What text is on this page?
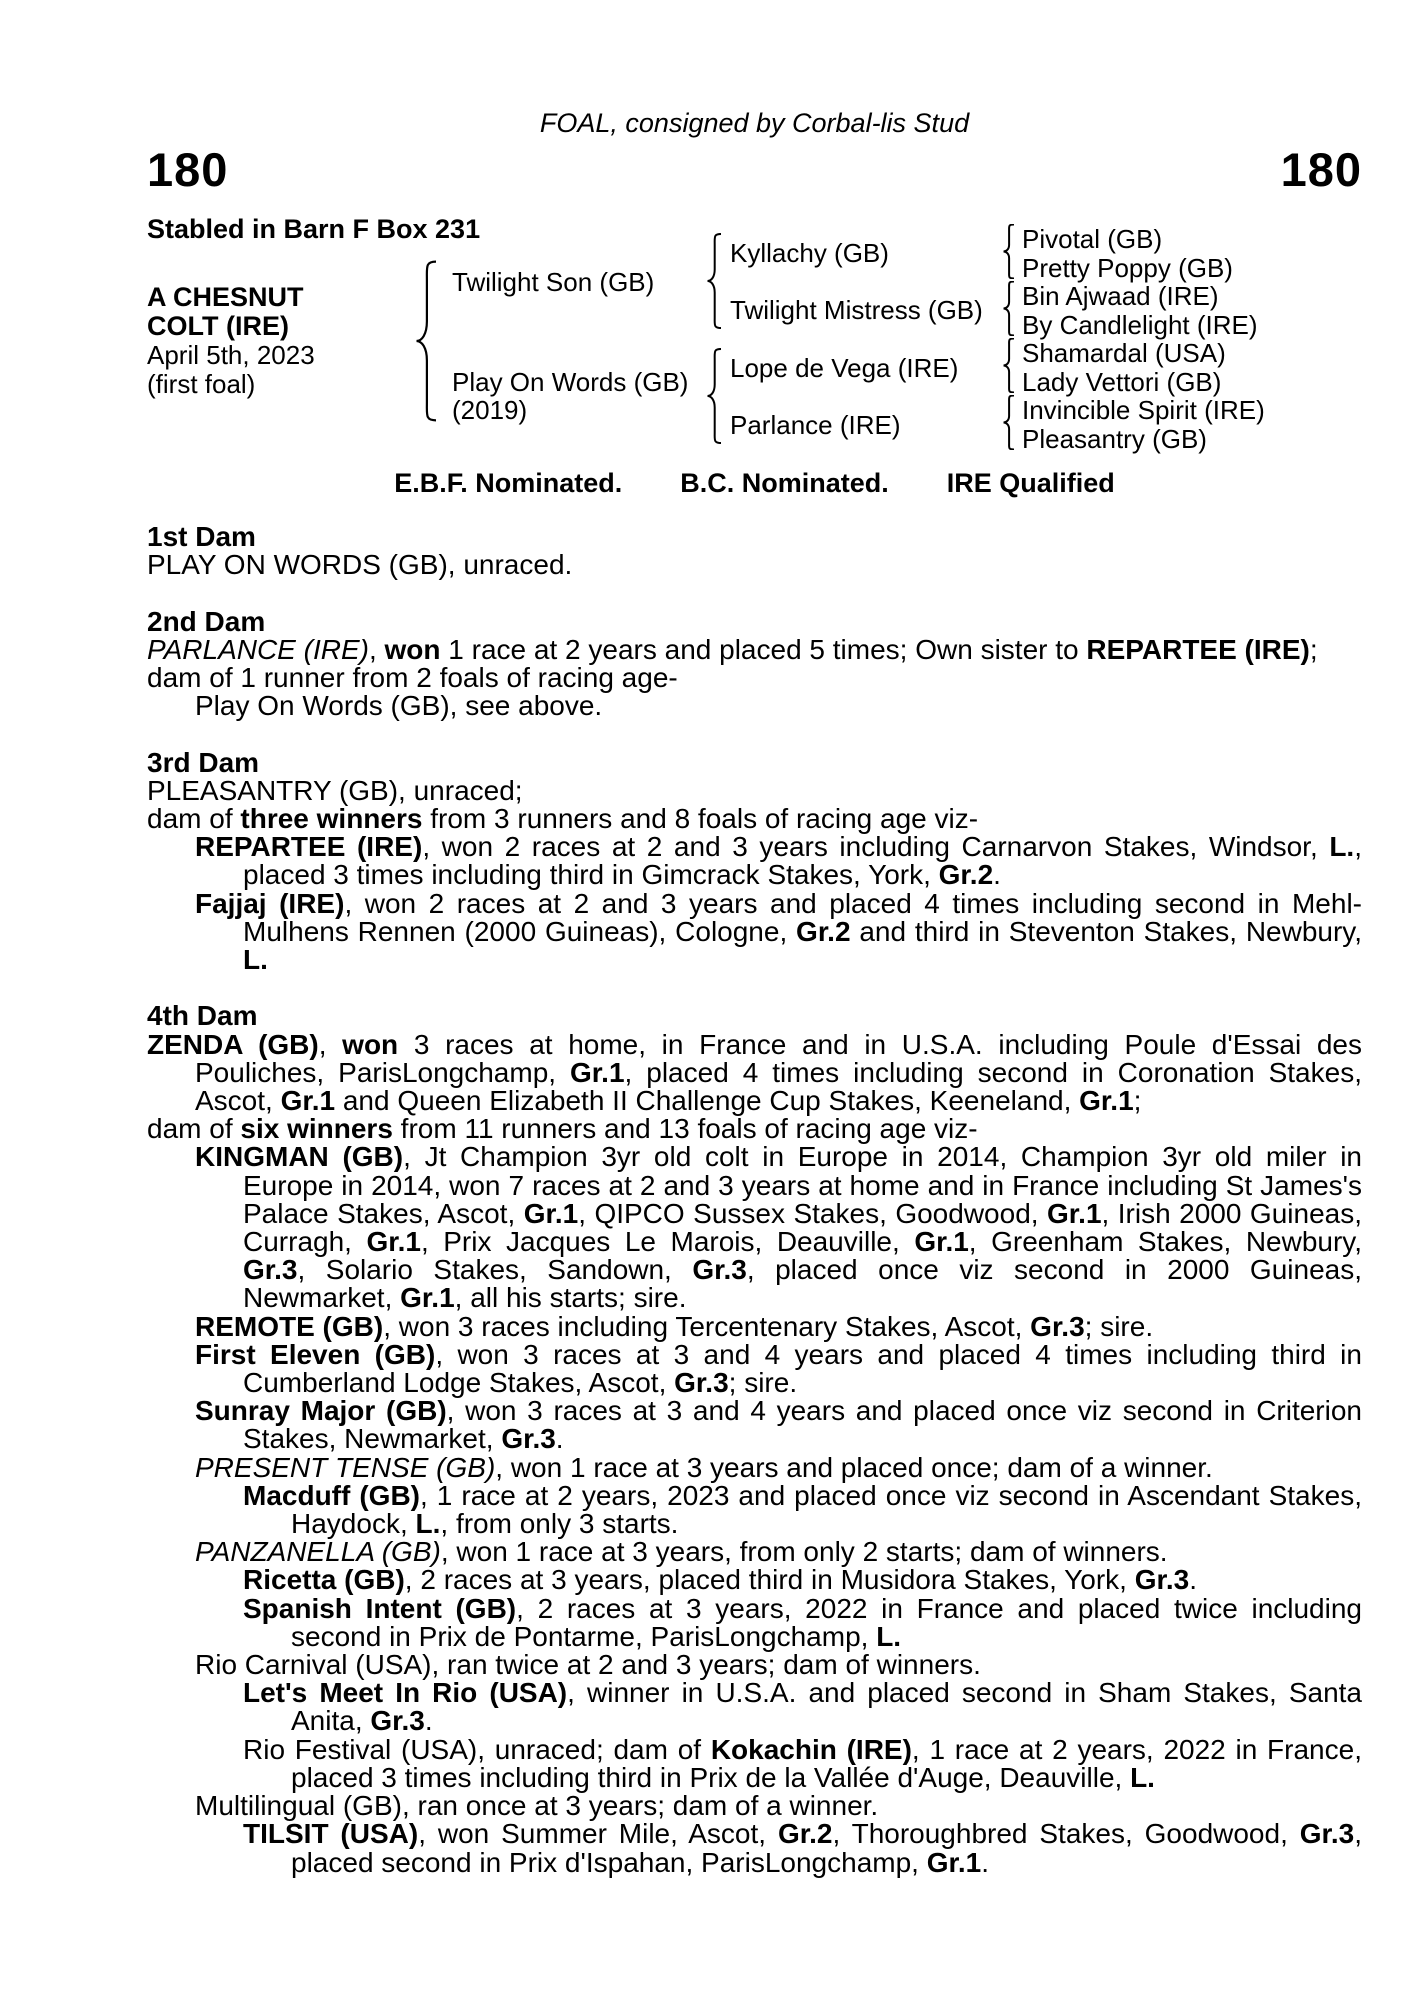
FOAL, consigned by Corbal-lis Stud
180	180
Stabled in Barn F Box 231
A CHESNUT
COLT (IRE)
April 5th, 2023
(first foal)
Twilight Son (GB)
Play On Words (GB)
(2019)
Kyllachy (GB)
Twilight Mistress (GB)
Lope de Vega (IRE)
Parlance (IRE)
Pivotal (GB)
Pretty Poppy (GB)
Bin Ajwaad (IRE)
By Candlelight (IRE)
Shamardal (USA)
Lady Vettori (GB)
Invincible Spirit (IRE)
Pleasantry (GB)
E.B.F. Nominated. B.C. Nominated. IRE Qualified
1st Dam
PLAY ON WORDS (GB), unraced.
2nd Dam
PARLANCE (IRE), won 1 race at 2 years and placed 5 times; Own sister to REPARTEE (IRE);
dam of 1 runner from 2 foals of racing age-
Play On Words (GB), see above.
3rd Dam
PLEASANTRY (GB), unraced;
dam of three winners from 3 runners and 8 foals of racing age viz-
REPARTEE (IRE), won 2 races at 2 and 3 years including Carnarvon Stakes, Windsor, L., placed 3 times including third in Gimcrack Stakes, York, Gr.2.
Fajjaj (IRE), won 2 races at 2 and 3 years and placed 4 times including second in Mehl-Mulhens Rennen (2000 Guineas), Cologne, Gr.2 and third in Steventon Stakes, Newbury, L.
4th Dam
ZENDA (GB), won 3 races at home, in France and in U.S.A. including Poule d'Essai des Pouliches, ParisLongchamp, Gr.1, placed 4 times including second in Coronation Stakes, Ascot, Gr.1 and Queen Elizabeth II Challenge Cup Stakes, Keeneland, Gr.1;
dam of six winners from 11 runners and 13 foals of racing age viz-
KINGMAN (GB), Jt Champion 3yr old colt in Europe in 2014, Champion 3yr old miler in Europe in 2014, won 7 races at 2 and 3 years at home and in France including St James's Palace Stakes, Ascot, Gr.1, QIPCO Sussex Stakes, Goodwood, Gr.1, Irish 2000 Guineas, Curragh, Gr.1, Prix Jacques Le Marois, Deauville, Gr.1, Greenham Stakes, Newbury, Gr.3, Solario Stakes, Sandown, Gr.3, placed once viz second in 2000 Guineas, Newmarket, Gr.1, all his starts; sire.
REMOTE (GB), won 3 races including Tercentenary Stakes, Ascot, Gr.3; sire.
First Eleven (GB), won 3 races at 3 and 4 years and placed 4 times including third in Cumberland Lodge Stakes, Ascot, Gr.3; sire.
Sunray Major (GB), won 3 races at 3 and 4 years and placed once viz second in Criterion Stakes, Newmarket, Gr.3.
PRESENT TENSE (GB), won 1 race at 3 years and placed once; dam of a winner.
Macduff (GB), 1 race at 2 years, 2023 and placed once viz second in Ascendant Stakes, Haydock, L., from only 3 starts.
PANZANELLA (GB), won 1 race at 3 years, from only 2 starts; dam of winners.
Ricetta (GB), 2 races at 3 years, placed third in Musidora Stakes, York, Gr.3.
Spanish Intent (GB), 2 races at 3 years, 2022 in France and placed twice including second in Prix de Pontarme, ParisLongchamp, L.
Rio Carnival (USA), ran twice at 2 and 3 years; dam of winners.
Let's Meet In Rio (USA), winner in U.S.A. and placed second in Sham Stakes, Santa Anita, Gr.3.
Rio Festival (USA), unraced; dam of Kokachin (IRE), 1 race at 2 years, 2022 in France, placed 3 times including third in Prix de la Vallée d'Auge, Deauville, L.
Multilingual (GB), ran once at 3 years; dam of a winner.
TILSIT (USA), won Summer Mile, Ascot, Gr.2, Thoroughbred Stakes, Goodwood, Gr.3, placed second in Prix d'Ispahan, ParisLongchamp, Gr.1.
